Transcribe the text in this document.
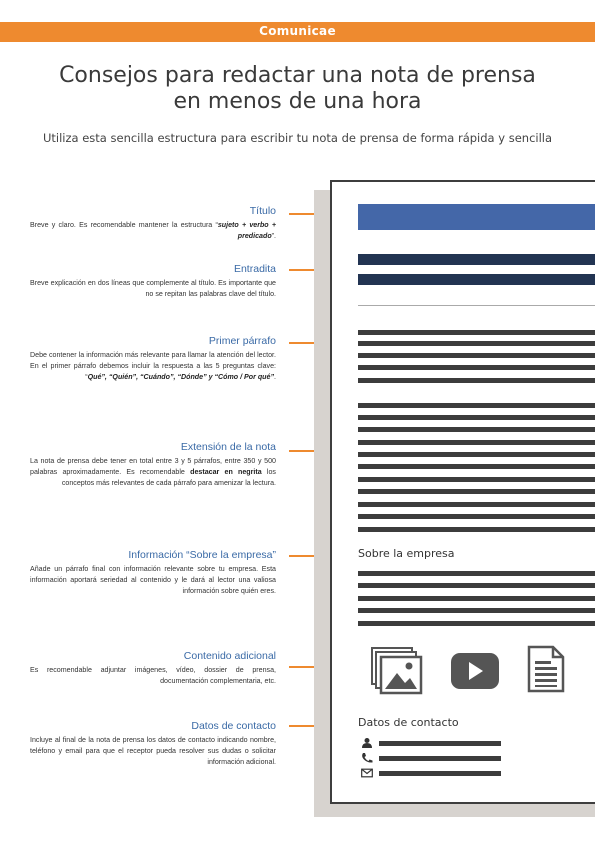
Comunicae
Consejos para redactar una nota de prensa
en menos de una hora
Utiliza esta sencilla estructura para escribir tu nota de prensa de forma rápida y sencilla
Título
Breve y claro. Es recomendable mantener la estructura “sujeto + verbo + predicado”.
Entradita
Breve explicación en dos líneas que complemente al título. Es importante que no se repitan las palabras clave del título.
Primer párrafo
Debe contener la información más relevante para llamar la atención del lector. En el primer párrafo debemos incluir la respuesta a las 5 preguntas clave: “Qué”, “Quién”, “Cuándo”, “Dónde” y “Cómo / Por qué”.
Extensión de la nota
La nota de prensa debe tener en total entre 3 y 5 párrafos, entre 350 y 500 palabras aproximadamente. Es recomendable destacar en negrita los conceptos más relevantes de cada párrafo para amenizar la lectura.
Información “Sobre la empresa”
Añade un párrafo final con información relevante sobre tu empresa. Esta información aportará seriedad al contenido y le dará al lector una valiosa información sobre quién eres.
Contenido adicional
Es recomendable adjuntar imágenes, vídeo, dossier de prensa, documentación complementaria, etc.
Datos de contacto
Incluye al final de la nota de prensa los datos de contacto indicando nombre, teléfono y email para que el receptor pueda resolver sus dudas o solicitar información adicional.
Sobre la empresa
Datos de contacto
